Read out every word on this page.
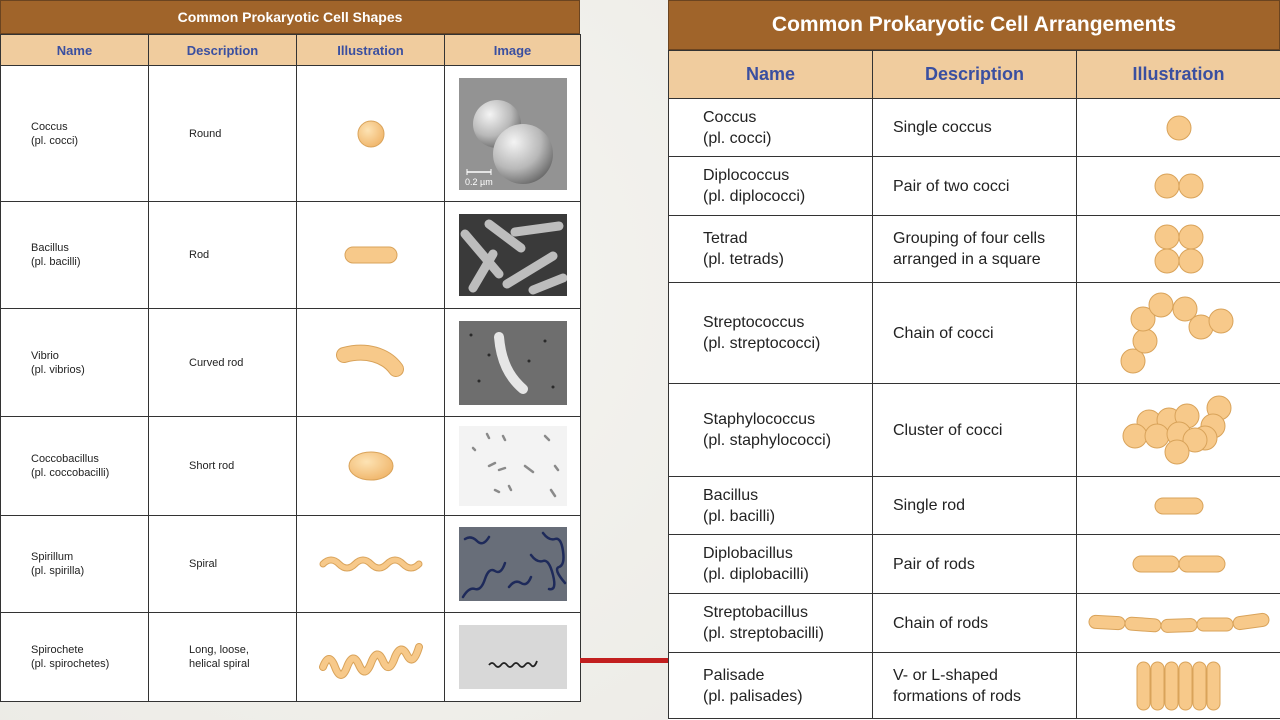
Common Prokaryotic Cell Shapes
Name	Description	Illustration	Image

Coccus
(pl. cocci)	Round		0.2 µm

Bacillus
(pl. bacilli)	Rod

Vibrio
(pl. vibrios)	Curved rod

Coccobacillus
(pl. coccobacilli)	Short rod

Spirillum
(pl. spirilla)	Spiral

Spirochete
(pl. spirochetes)	Long, loose,
helical spiral

Common Prokaryotic Cell Arrangements
Name	Description	Illustration

Coccus
(pl. cocci)	Single coccus

Diplococcus
(pl. diplococci)	Pair of two cocci

Tetrad
(pl. tetrads)	Grouping of four cells
arranged in a square

Streptococcus
(pl. streptococci)	Chain of cocci

Staphylococcus
(pl. staphylococci)	Cluster of cocci

Bacillus
(pl. bacilli)	Single rod

Diplobacillus
(pl. diplobacilli)	Pair of rods

Streptobacillus
(pl. streptobacilli)	Chain of rods

Palisade
(pl. palisades)	V- or L-shaped
formations of rods
